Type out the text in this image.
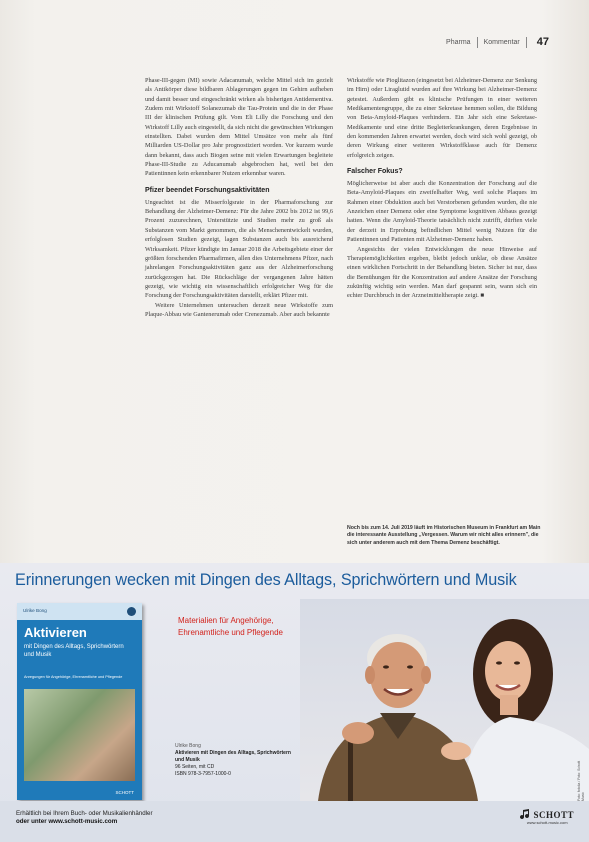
Pharma Kommentar 47

Phase-III-gegen (MI) sowie Adacanumab, welche Mittel sich im gezielt als Antikörper diese bildbaren Ablagerungen gegen im Gehirn aufheben und damit besser und eingeschränkt wirken als bisherigen Antidementiva. Zudem mit Wirkstoff Solanezumab die Tau-Protein und die in der Phase III der klinischen Prüfung gilt. Vom Eli Lilly die Forschung und den Wirkstoff Lilly auch eingestellt, da sich nicht die gewünschten Wirkungen einstellten. Dabei wurden dem Mittel Umsätze von mehr als fünf Milliarden US-Dollar pro Jahr prognostiziert worden. Vor kurzem wurde dann bekannt, dass auch Biogen seine mit vielen Erwartungen begleitete Phase-III-Studie zu Aducanumab abgebrochen hat, weil bei den Patientinnen kein erkennbarer Nutzen erkennbar waren.

Pfizer beendet Forschungsaktivitäten

Ungeachtet ist die Misserfolgsrate in der Pharmaforschung zur Behandlung der Alzheimer-Demenz: Für die Jahre 2002 bis 2012 ist 99,6 Prozent zuzurechnen, Unterstützte und Studien mehr zu groß als Substanzen vom Markt genommen, die als Menschenentwickelt wurden, erfolglosen Studien gezeigt, lagen Substanzen auch bis ausreichend Wirksamkeit. Pfizer kündigte im Januar 2018 die Arbeitsgebiete einer der größten forschenden Pharmafirmen, allen dies Unternehmens Pfizer, nach jahrelangen Forschungsaktivitäten ganz aus der Alzheimerforschung zurückgezogen hat. Die Rückschläge der vergangenen Jahre hätten gezeigt, wie wichtig ein wissenschaftlich erfolgreicher Weg für die Forschung der Forschungsaktivitäten darstellt, erklärt Pfizer mit.

Weitere Unternehmen untersuchen derzeit neue Wirkstoffe zum Plaque-Abbau wie Gantenerumab oder Crenezumab. Aber auch bekannte

Wirkstoffe wie Pioglitazon (eingesetzt bei Alzheimer-Demenz zur Senkung im Hirn) oder Liraglutid wurden auf ihre Wirkung bei Alzheimer-Demenz getestet. Außerdem gibt es klinische Prüfungen in einer weiteren Medikamentengruppe, die zu einer Sekretase hemmen sollen, die Bildung von Beta-Amyloid-Plaques verhindern. Ein Jahr sich eine Sekretase-Medikamente und eine dritte Begleiterkrankungen, deren Ergebnisse in den kommenden Jahren erwartet werden, doch wird sich wohl gezeigt, ob deren Wirkung einer weiteren Wirkstoffklasse auch für Demenz erfolgreich zeigen.

Falscher Fokus?

Möglicherweise ist aber auch die Konzentration der Forschung auf die Beta-Amyloid-Plaques ein zweifelhafter Weg, weil solche Plaques im Rahmen einer Obduktion auch bei Verstorbenen gefunden wurden, die nie Anzeichen einer Demenz oder eine Symptome kognitiven Abbaus gezeigt hatten. Wenn die Amyloid-Theorie tatsächlich nicht zutrifft, dürften viele der derzeit in Erprobung befindlichen Mittel wenig Nutzen für die Patientinnen und Patienten mit Alzheimer-Demenz haben.

Angesichts der vielen Entwicklungen die neue Hinweise auf Therapiemöglichkeiten ergeben, bleibt jedoch unklar, ob diese Ansätze einen wirklichen Fortschritt in der Behandlung bieten. Sicher ist nur, dass die Bemühungen für die Konzentration auf andere Ansätze der Forschung zukünftig wichtig sein werden. Man darf gespannt sein, wann sich ein echter Durchbruch in der Arzneimitteltherapie zeigt. ■

Noch bis zum 14. Juli 2019 läuft im Historischen Museum in Frankfurt am Main die interessante Ausstellung „Vergessen. Warum wir nicht alles erinnern", die sich unter anderem auch mit dem Thema Demenz beschäftigt.
Erinnerungen wecken mit Dingen des Alltags, Sprichwörtern und Musik
Ulrike Bong
Aktivieren
mit Dingen des Alltags, Sprichwörtern und Musik
Anregungen für Angehörige, Ehrenamtliche und Pflegende
SCHOTT
Materialien für Angehörige,
Ehrenamtliche und Pflegende
Foto: fotolia / Foto: Schott Music
Ulrike Bong
Aktivieren mit Dingen des Alltags, Sprichwörtern und Musik
96 Seiten, mit CD
ISBN 978-3-7957-1000-0
Erhältlich bei Ihrem Buch- oder Musikalienhändler
oder unter www.schott-music.com
SCHOTT
www.schott-music.com
